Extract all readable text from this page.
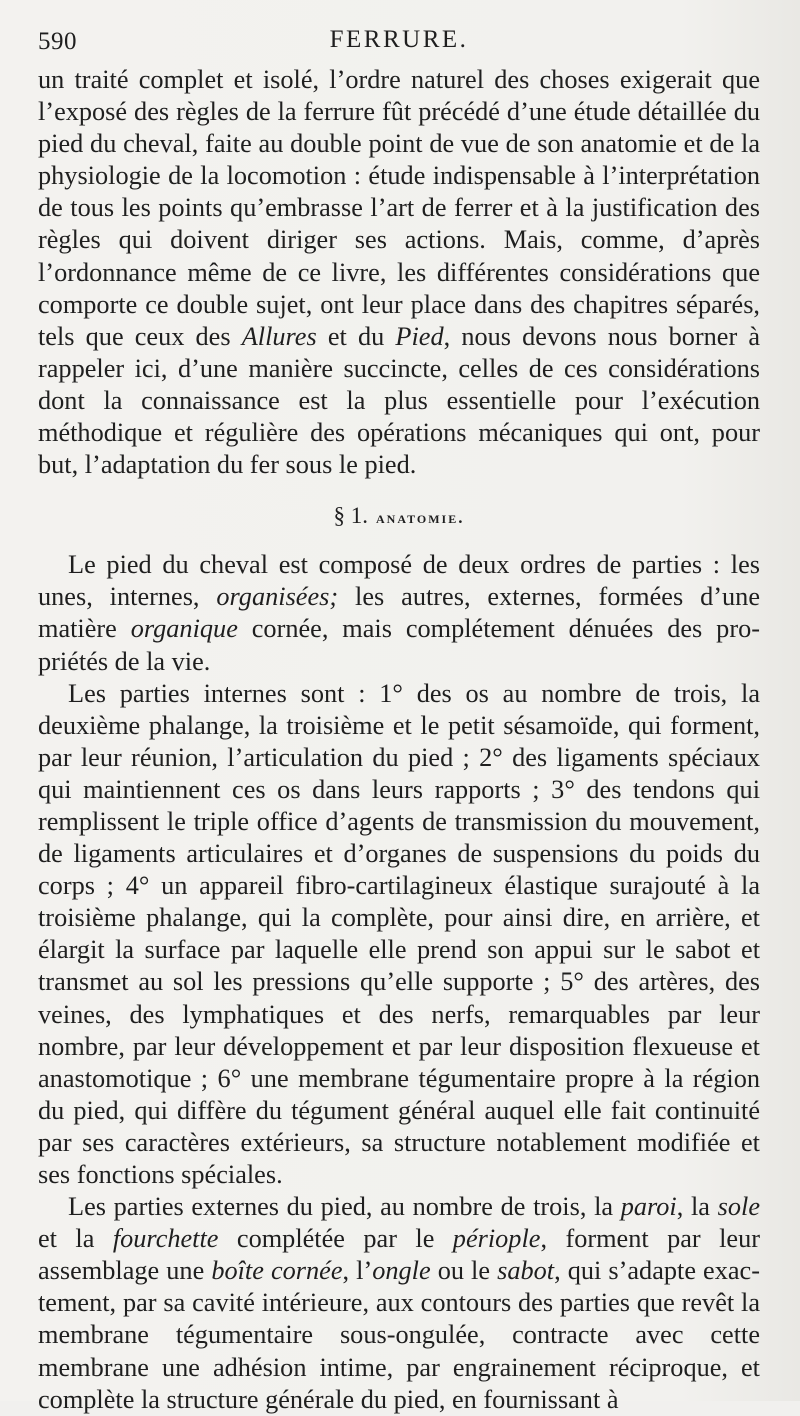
590	FERRURE.

un traité complet et isolé, l’ordre naturel des choses exigerait que l’exposé des règles de la ferrure fût précédé d’une étude détaillée du pied du cheval, faite au double point de vue de son anatomie et de la physiologie de la locomotion : étude indispensable à l’interprétation de tous les points qu’embrasse l’art de ferrer et à la justification des règles qui doivent diriger ses actions. Mais, comme, d’après l’ordonnance même de ce livre, les différentes considérations que comporte ce double sujet, ont leur place dans des chapitres séparés, tels que ceux des Allures et du Pied, nous devons nous borner à rappeler ici, d’une manière succincte, celles de ces considérations dont la connaissance est la plus essentielle pour l’exécution méthodique et régulière des opérations mécaniques qui ont, pour but, l’adaptation du fer sous le pied.

§ 1. anatomie.

Le pied du cheval est composé de deux ordres de parties : les unes, internes, organisées; les autres, externes, formées d’une matière organique cornée, mais complétement dénuées des propriétés de la vie.

Les parties internes sont : 1° des os au nombre de trois, la deuxième phalange, la troisième et le petit sésamoïde, qui forment, par leur réunion, l’articulation du pied ; 2° des ligaments spéciaux qui maintiennent ces os dans leurs rapports ; 3° des tendons qui remplissent le triple office d’agents de transmission du mouvement, de ligaments articulaires et d’organes de suspensions du poids du corps ; 4° un appareil fibro-cartilagineux élastique surajouté à la troisième phalange, qui la complète, pour ainsi dire, en arrière, et élargit la surface par laquelle elle prend son appui sur le sabot et transmet au sol les pressions qu’elle supporte ; 5° des artères, des veines, des lymphatiques et des nerfs, remarquables par leur nombre, par leur développement et par leur disposition flexueuse et anastomotique ; 6° une membrane tégumentaire propre à la région du pied, qui diffère du tégument général auquel elle fait continuité par ses caractères extérieurs, sa structure notablement modifiée et ses fonctions spéciales.

Les parties externes du pied, au nombre de trois, la paroi, la sole et la fourchette complétée par le périople, forment par leur assemblage une boîte cornée, l’ongle ou le sabot, qui s’adapte exactement, par sa cavité intérieure, aux contours des parties que revêt la membrane tégumentaire sous-ongulée, contracte avec cette membrane une adhésion intime, par engrainement réciproque, et complète la structure générale du pied, en fournissant à
